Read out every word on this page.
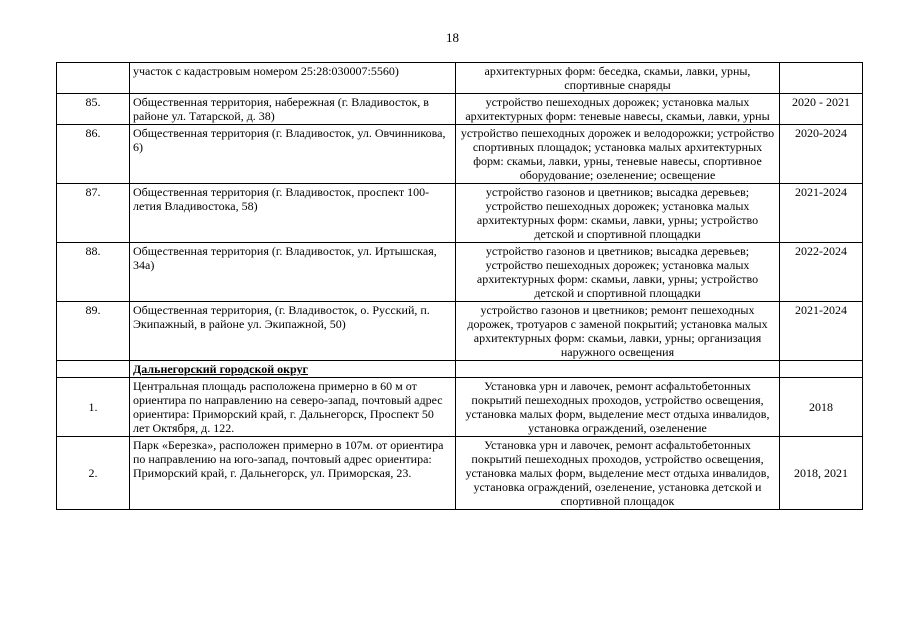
18
	участок с кадастровым номером 25:28:030007:5560)	архитектурных форм: беседка, скамьи, лавки, урны, спортивные снаряды	
85.	Общественная территория, набережная (г. Владивосток, в районе ул. Татарской, д. 38)	устройство пешеходных дорожек; установка малых архитектурных форм: теневые навесы, скамьи, лавки, урны	2020 - 2021
86.	Общественная территория (г. Владивосток, ул. Овчинникова, 6)	устройство пешеходных дорожек и велодорожки; устройство спортивных площадок; установка малых архитектурных форм: скамьи, лавки, урны, теневые навесы, спортивное оборудование; озеленение; освещение	2020-2024
87.	Общественная территория (г. Владивосток, проспект 100-летия Владивостока, 58)	устройство газонов и цветников; высадка деревьев; устройство пешеходных дорожек; установка малых архитектурных форм: скамьи, лавки, урны; устройство детской и спортивной площадки	2021-2024
88.	Общественная территория (г. Владивосток, ул. Иртышская, 34а)	устройство газонов и цветников; высадка деревьев; устройство пешеходных дорожек; установка малых архитектурных форм: скамьи, лавки, урны; устройство детской и спортивной площадки	2022-2024
89.	Общественная территория, (г. Владивосток, о. Русский, п. Экипажный, в районе ул. Экипажной, 50)	устройство газонов и цветников; ремонт пешеходных дорожек, тротуаров с заменой покрытий; установка малых архитектурных форм: скамьи, лавки, урны; организация наружного освещения	2021-2024
	Дальнегорский городской округ		
1.	Центральная площадь расположена примерно в 60 м от ориентира по направлению на северо-запад, почтовый адрес ориентира: Приморский край, г. Дальнегорск, Проспект 50 лет Октября, д. 122.	Установка урн и лавочек, ремонт асфальтобетонных покрытий пешеходных проходов, устройство освещения, установка малых форм, выделение мест отдыха инвалидов, установка ограждений, озеленение	2018
2.	Парк «Березка», расположен примерно в 107м. от ориентира по направлению на юго-запад, почтовый адрес ориентира: Приморский край, г. Дальнегорск, ул. Приморская, 23.	Установка урн и лавочек, ремонт асфальтобетонных покрытий пешеходных проходов, устройство освещения, установка малых форм, выделение мест отдыха инвалидов, установка ограждений, озеленение, установка детской и спортивной площадок	2018, 2021
